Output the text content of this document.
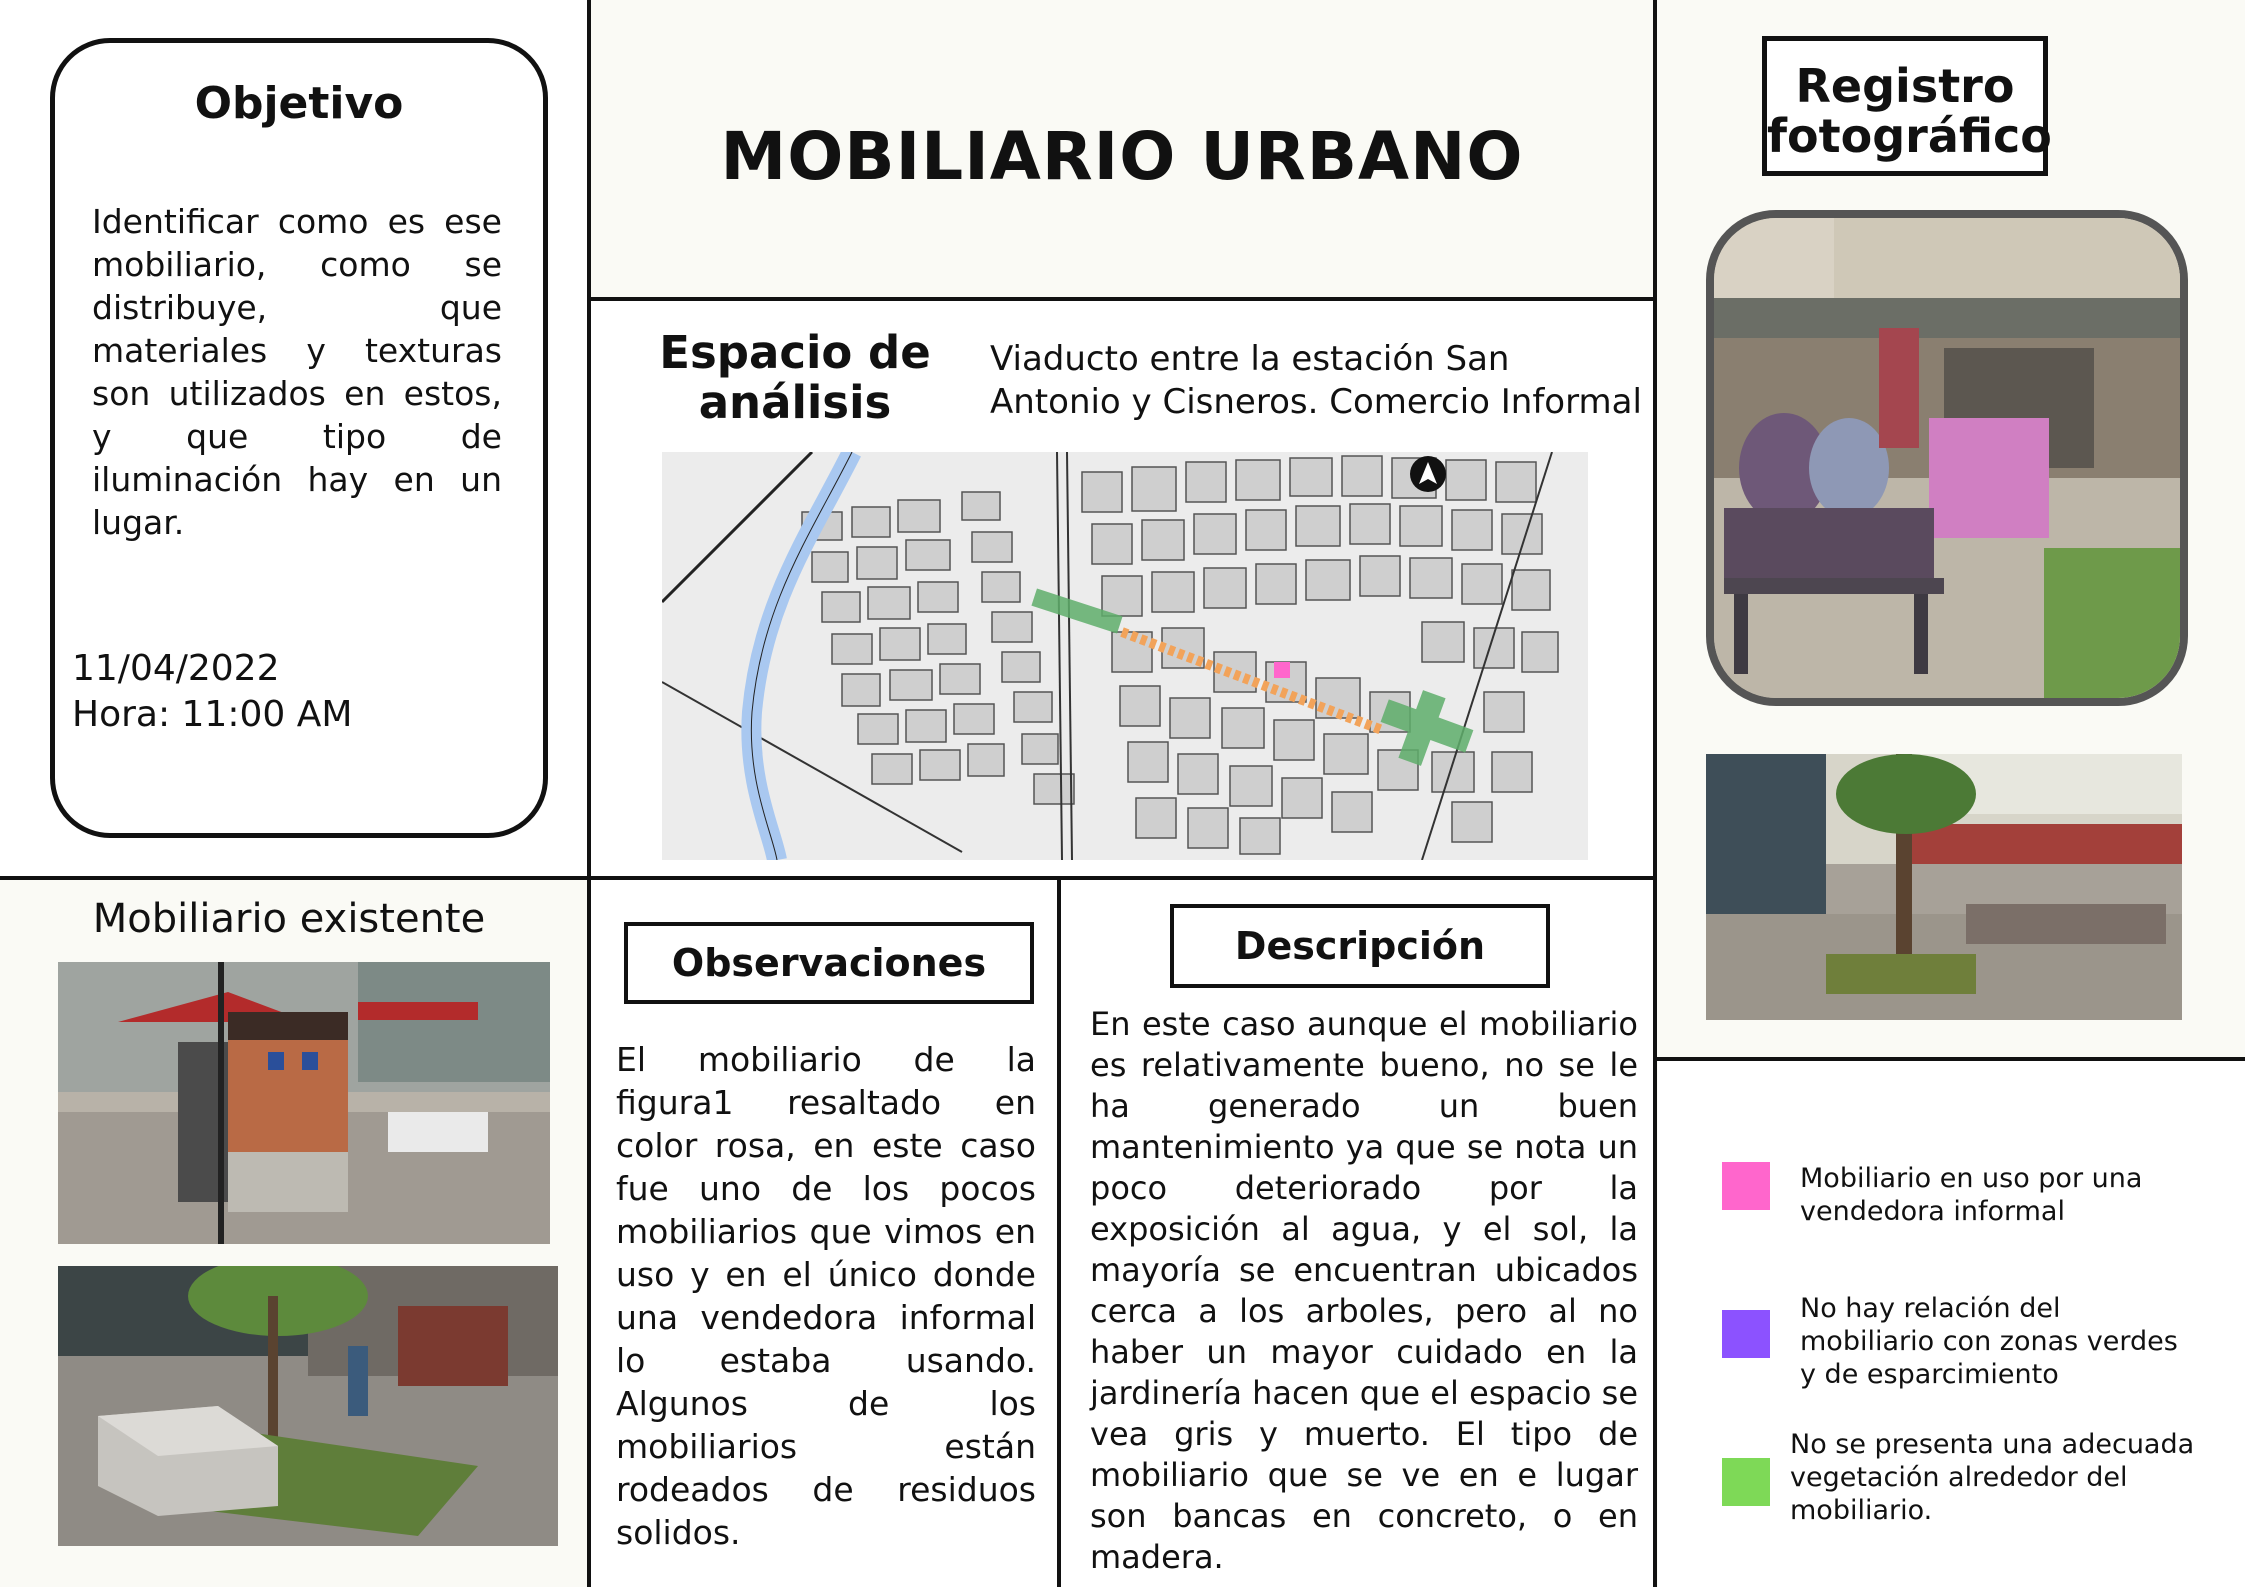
Objetivo
Identificar como es ese mobiliario, como se distribuye, que materiales y texturas son utilizados en estos, y que tipo de iluminación hay en un lugar.
11/04/2022
Hora: 11:00 AM
MOBILIARIO URBANO
Espacio de
análisis
Viaducto entre la estación San
Antonio y Cisneros. Comercio Informal
Registro
fotográfico
Mobiliario existente
Observaciones
El mobiliario de la figura1 resaltado en color rosa, en este caso fue uno de los pocos mobiliarios que vimos en uso y en el único donde una vendedora informal lo estaba usando. Algunos de los mobiliarios están rodeados de residuos solidos.
Descripción
En este caso aunque el mobiliario es relativamente bueno, no se le ha generado un buen mantenimiento ya que se nota un poco deteriorado por la exposición al agua, y el sol, la mayoría se encuentran ubicados cerca a los arboles, pero al no haber un mayor cuidado en la jardinería hacen que el espacio se vea gris y muerto. El tipo de mobiliario que se ve en e lugar son bancas en concreto, o en madera.
Mobiliario en uso por una vendedora informal
No hay relación del mobiliario con zonas verdes y de esparcimiento
No se presenta una adecuada vegetación alrededor del mobiliario.
